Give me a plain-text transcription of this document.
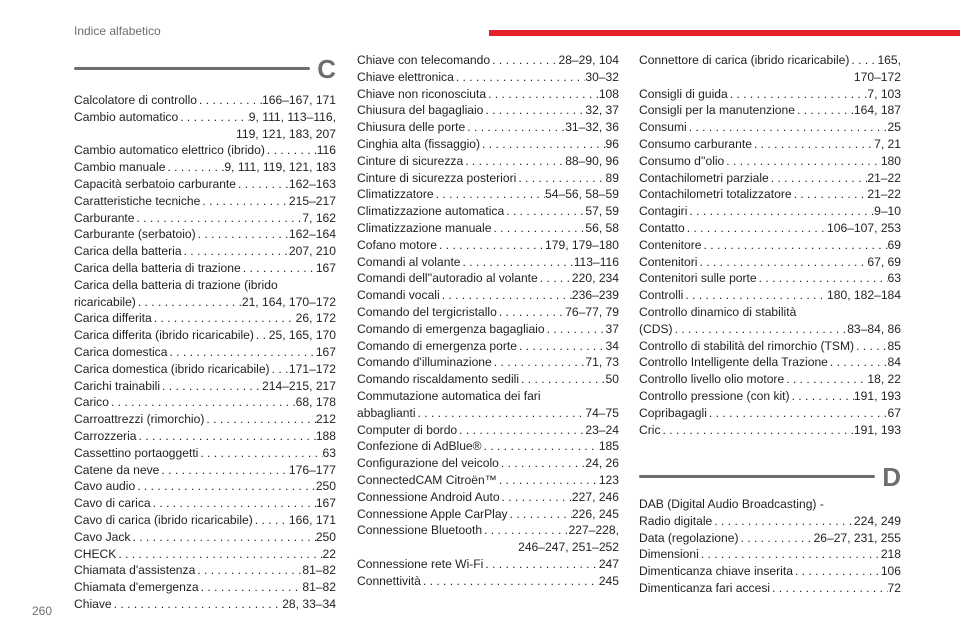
Indice alfabetico
C
Calcolatore di controllo . . .	166–167, 171
Cambio automatico . . .	9, 111, 113–116,
119, 121, 183, 207
Cambio automatico elettrico (ibrido) . . .	116
Cambio manuale . . .	9, 111, 119, 121, 183
Capacità serbatoio carburante . . .	162–163
Caratteristiche tecniche . . .	215–217
Carburante . . .	7, 162
Carburante (serbatoio) . . .	162–164
Carica della batteria . . .	207, 210
Carica della batteria di trazione . . .	167
Carica della batteria di trazione (ibrido
ricaricabile) . . .	21, 164, 170–172
Carica differita . . .	26, 172
Carica differita (ibrido ricaricabile) . . . 25, 165, 170
Carica domestica . . .	167
Carica domestica (ibrido ricaricabile) . . . 171–172
Carichi trainabili . . .	214–215, 217
Carico . . .	68, 178
Carroattrezzi (rimorchio) . . .	212
Carrozzeria . . .	188
Cassettino portaoggetti . . .	63
Catene da neve . . .	176–177
Cavo audio . . .	250
Cavo di carica . . .	167
Cavo di carica (ibrido ricaricabile) . . .	166, 171
Cavo Jack . . .	250
CHECK . . .	22
Chiamata d'assistenza . . .	81–82
Chiamata d'emergenza . . .	81–82
Chiave . . .	28, 33–34
Chiave con telecomando . . .	28–29, 104
Chiave elettronica . . .	30–32
Chiave non riconosciuta . . .	108
Chiusura del bagagliaio . . .	32, 37
Chiusura delle porte . . .	31–32, 36
Cinghia alta (fissaggio) . . .	96
Cinture di sicurezza . . .	88–90, 96
Cinture di sicurezza posteriori . . .	89
Climatizzatore . . .	54–56, 58–59
Climatizzazione automatica . . .	57, 59
Climatizzazione manuale . . .	56, 58
Cofano motore . . .	179, 179–180
Comandi al volante . . .	113–116
Comandi dell''autoradio al volante . . .	220, 234
Comandi vocali . . .	236–239
Comando del tergicristallo . . .	76–77, 79
Comando di emergenza bagagliaio . . .	37
Comando di emergenza porte . . .	34
Comando d'illuminazione . . .	71, 73
Comando riscaldamento sedili . . .	50
Commutazione automatica dei fari
abbaglianti . . .	74–75
Computer di bordo . . .	23–24
Confezione di AdBlue® . . .	185
Configurazione del veicolo . . .	24, 26
ConnectedCAM Citroën™ . . .	123
Connessione Android Auto . . .	227, 246
Connessione Apple CarPlay . . .	226, 245
Connessione Bluetooth . . .	227–228,
246–247, 251–252
Connessione rete Wi-Fi . . .	247
Connettività . . .	245
Connettore di carica (ibrido ricaricabile) . . . 165,
170–172
Consigli di guida . . .	7, 103
Consigli per la manutenzione . . .	164, 187
Consumi . . .	25
Consumo carburante . . .	7, 21
Consumo d''olio . . .	180
Contachilometri parziale . . .	21–22
Contachilometri totalizzatore . . .	21–22
Contagiri . . .	9–10
Contatto . . .	106–107, 253
Contenitore . . .	69
Contenitori . . .	67, 69
Contenitori sulle porte . . .	63
Controlli . . .	180, 182–184
Controllo dinamico di stabilità
(CDS) . . .	83–84, 86
Controllo di stabilità del rimorchio (TSM) . . .	85
Controllo Intelligente della Trazione . . .	84
Controllo livello olio motore . . .	18, 22
Controllo pressione (con kit) . . .	191, 193
Copribagagli . . .	67
Cric . . .	191, 193
D
DAB (Digital Audio Broadcasting) -
Radio digitale . . .	224, 249
Data (regolazione) . . .	26–27, 231, 255
Dimensioni . . .	218
Dimenticanza chiave inserita . . .	106
Dimenticanza fari accesi . . .	72
260
